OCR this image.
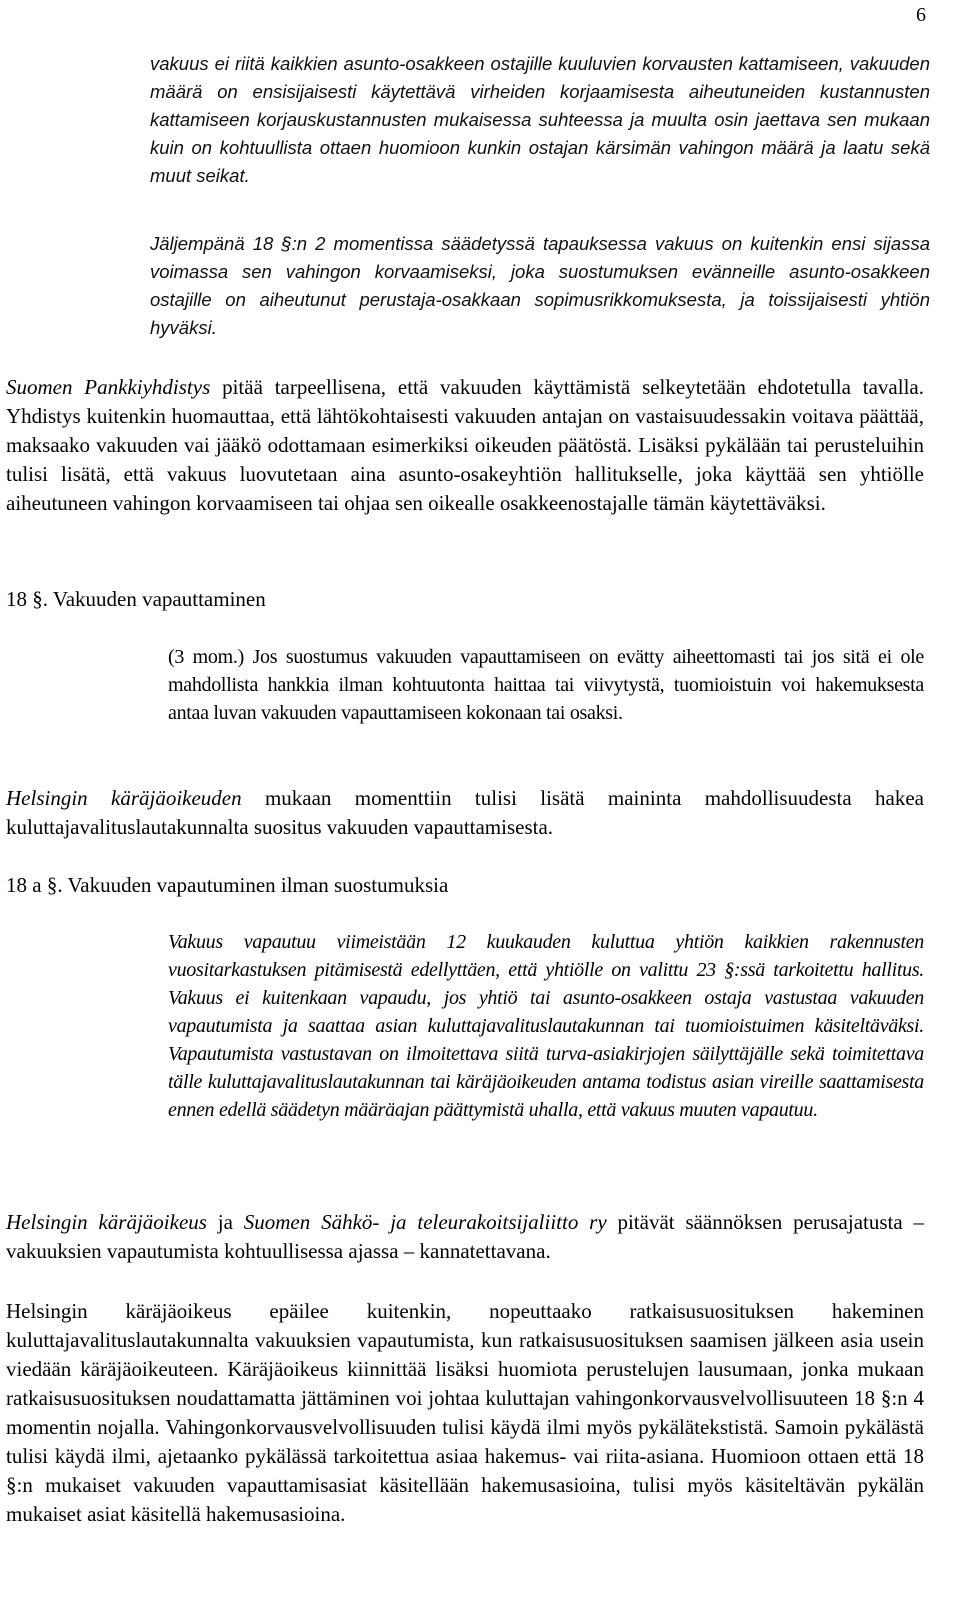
6

vakuus ei riitä kaikkien asunto-osakkeen ostajille kuuluvien korvausten kattamiseen, vakuuden määrä on ensisijaisesti käytettävä virheiden korjaamisesta aiheutuneiden kustannusten kattamiseen korjauskustannusten mukaisessa suhteessa ja muulta osin jaettava sen mukaan kuin on kohtuullista ottaen huomioon kunkin ostajan kärsimän vahingon määrä ja laatu sekä muut seikat.

Jäljempänä 18 §:n 2 momentissa säädetyssä tapauksessa vakuus on kuitenkin ensi sijassa voimassa sen vahingon korvaamiseksi, joka suostumuksen evänneille asunto-osakkeen ostajille on aiheutunut perustaja-osakkaan sopimusrikkomuksesta, ja toissijaisesti yhtiön hyväksi.

Suomen Pankkiyhdistys pitää tarpeellisena, että vakuuden käyttämistä selkeytetään ehdotetulla tavalla. Yhdistys kuitenkin huomauttaa, että lähtökohtaisesti vakuuden antajan on vastaisuudessakin voitava päättää, maksaako vakuuden vai jääkö odottamaan esimerkiksi oikeuden päätöstä. Lisäksi pykälään tai perusteluihin tulisi lisätä, että vakuus luovutetaan aina asunto-osakeyhtiön hallitukselle, joka käyttää sen yhtiölle aiheutuneen vahingon korvaamiseen tai ohjaa sen oikealle osakkeenostajalle tämän käytettäväksi.

18 §. Vakuuden vapauttaminen

(3 mom.) Jos suostumus vakuuden vapauttamiseen on evätty aiheettomasti tai jos sitä ei ole mahdollista hankkia ilman kohtuutonta haittaa tai viivytystä, tuomioistuin voi hakemuksesta antaa luvan vakuuden vapauttamiseen kokonaan tai osaksi.

Helsingin käräjäoikeuden mukaan momenttiin tulisi lisätä maininta mahdollisuudesta hakea kuluttajavalituslautakunnalta suositus vakuuden vapauttamisesta.

18 a §. Vakuuden vapautuminen ilman suostumuksia

Vakuus vapautuu viimeistään 12 kuukauden kuluttua yhtiön kaikkien rakennusten vuositarkastuksen pitämisestä edellyttäen, että yhtiölle on valittu 23 §:ssä tarkoitettu hallitus. Vakuus ei kuitenkaan vapaudu, jos yhtiö tai asunto-osakkeen ostaja vastustaa vakuuden vapautumista ja saattaa asian kuluttajavalituslautakunnan tai tuomioistuimen käsiteltäväksi. Vapautumista vastustavan on ilmoitettava siitä turva-asiakirjojen säilyttäjälle sekä toimitettava tälle kuluttajavalituslautakunnan tai käräjäoikeuden antama todistus asian vireille saattamisesta ennen edellä säädetyn määräajan päättymistä uhalla, että vakuus muuten vapautuu.

Helsingin käräjäoikeus ja Suomen Sähkö- ja teleurakoitsijaliitto ry pitävät säännöksen perusajatusta – vakuuksien vapautumista kohtuullisessa ajassa – kannatettavana.

Helsingin käräjäoikeus epäilee kuitenkin, nopeuttaako ratkaisusuosituksen hakeminen kuluttajavalituslautakunnalta vakuuksien vapautumista, kun ratkaisusuosituksen saamisen jälkeen asia usein viedään käräjäoikeuteen. Käräjäoikeus kiinnittää lisäksi huomiota perustelujen lausumaan, jonka mukaan ratkaisusuosituksen noudattamatta jättäminen voi johtaa kuluttajan vahingonkorvausvelvollisuuteen 18 §:n 4 momentin nojalla. Vahingonkorvausvelvollisuuden tulisi käydä ilmi myös pykälätekstistä. Samoin pykälästä tulisi käydä ilmi, ajetaanko pykälässä tarkoitettua asiaa hakemus- vai riita-asiana. Huomioon ottaen että 18 §:n mukaiset vakuuden vapauttamisasiat käsitellään hakemusasioina, tulisi myös käsiteltävän pykälän mukaiset asiat käsitellä hakemusasioina.
